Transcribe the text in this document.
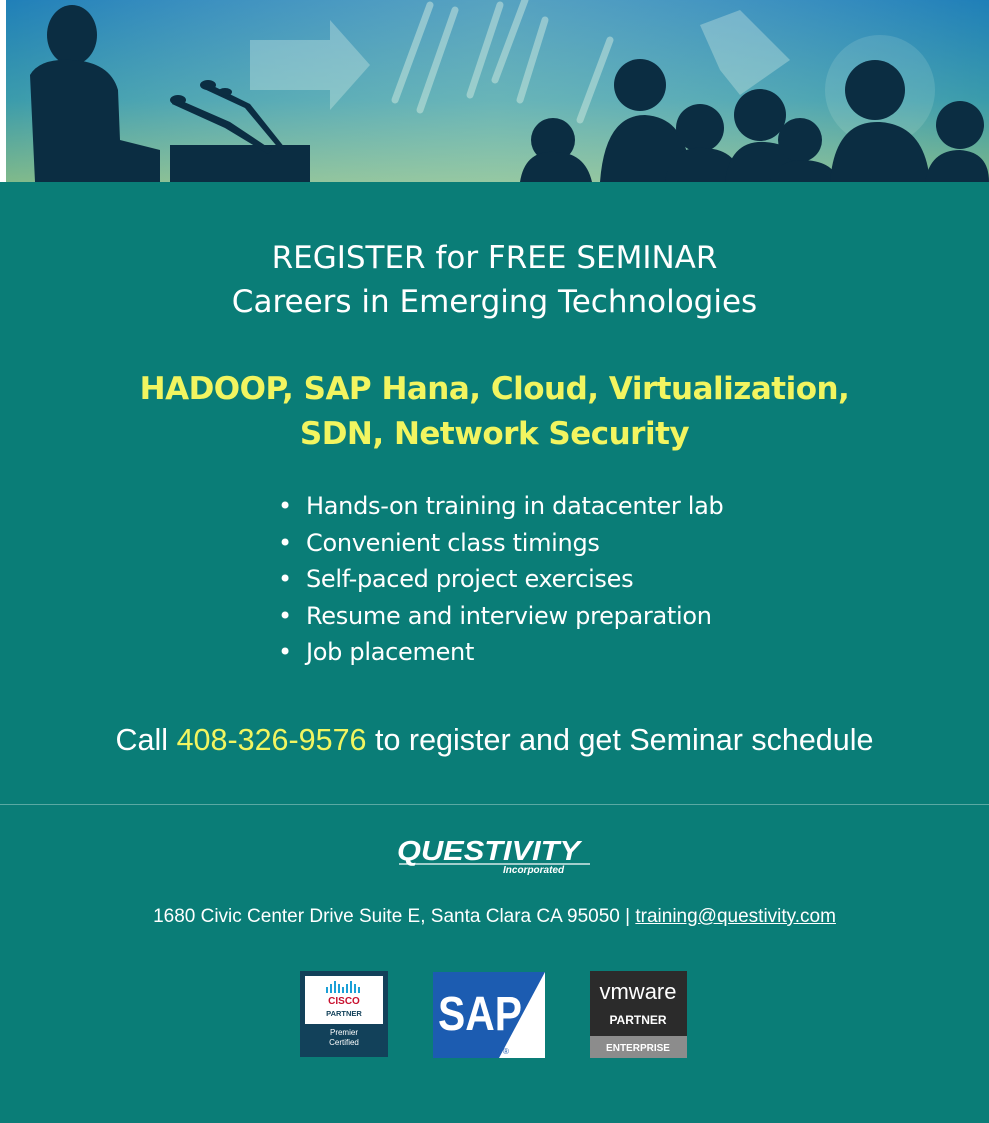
REGISTER for FREE SEMINAR
Careers in Emerging Technologies
HADOOP, SAP Hana, Cloud, Virtualization,
SDN, Network Security
• Hands-on training in datacenter lab
• Convenient class timings
• Self-paced project exercises
• Resume and interview preparation
• Job placement
Call 408-326-9576 to register and get Seminar schedule
QUESTIVITY
Incorporated
1680 Civic Center Drive Suite E, Santa Clara CA 95050 | training@questivity.com
CISCO
PARTNER
Premier
Certified
SAP
®
vmware
PARTNER
ENTERPRISE
